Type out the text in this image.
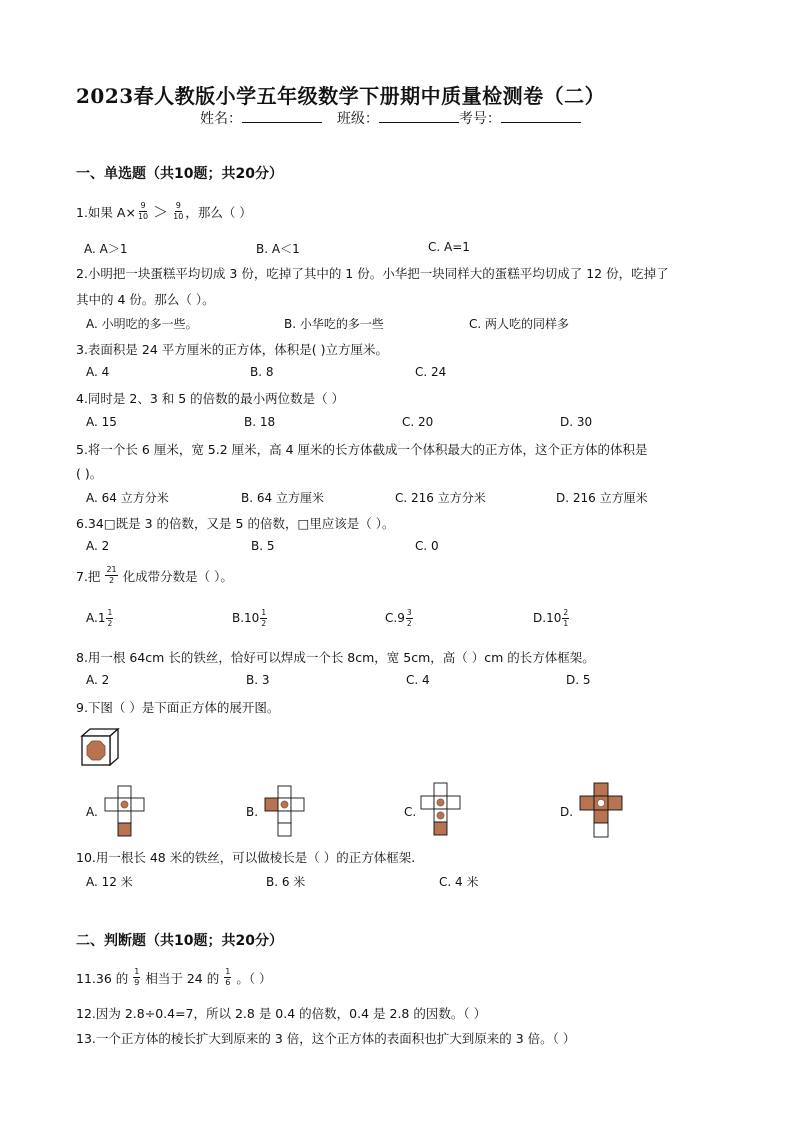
2023春人教版小学五年级数学下册期中质量检测卷（二）
姓名：	班级：	考号：
一、单选题（共10题；共20分）
1.如果 $A\times \frac{9}{10} > \frac{9}{10}$ ，那么（ ）
A. A＞1	B. A＜1	C. A=1
2.小明把一块蛋糕平均切成 3 份，吃掉了其中的 1 份。小华把一块同样大的蛋糕平均切成了 12 份，吃掉了
其中的 4 份。那么（ ）。
A. 小明吃的多一些。	B. 小华吃的多一些	C. 两人吃的同样多
3.表面积是 24 平方厘米的正方体，体积是( )立方厘米。
A. 4	B. 8	C. 24
4.同时是 2、3 和 5 的倍数的最小两位数是（ ）
A. 15	B. 18	C. 20	D. 30
5.将一个长 6 厘米，宽 5.2 厘米，高 4 厘米的长方体截成一个体积最大的正方体，这个正方体的体积是
( )。
A. 64 立方分米	B. 64 立方厘米	C. 216 立方分米	D. 216 立方厘米
6.34□既是 3 的倍数，又是 5 的倍数，□里应该是（ ）。
A. 2	B. 5	C. 0
7.把 $\frac{21}{2}$ 化成带分数是（ ）。
A. $1 \frac{1}{2}$	B. $10 \frac{1}{2}$	C. $9 \frac{3}{2}$	D. $10 \frac{2}{1}$
8.用一根 64cm 长的铁丝，恰好可以焊成一个长 8cm，宽 5cm，高（ ）cm 的长方体框架。
A. 2	B. 3	C. 4	D. 5
9.下图（ ）是下面正方体的展开图。
A.	B.	C.	D.
10.用一根长 48 米的铁丝，可以做棱长是（ ）的正方体框架.
A. 12 米	B. 6 米	C. 4 米
二、判断题（共10题；共20分）
11.36 的 $\frac{1}{9}$ 相当于 24 的 $\frac{1}{6}$ 。（ ）
12.因为 2.8÷0.4=7，所以 2.8 是 0.4 的倍数，0.4 是 2.8 的因数。（ ）
13.一个正方体的棱长扩大到原来的 3 倍，这个正方体的表面积也扩大到原来的 3 倍。（ ）
